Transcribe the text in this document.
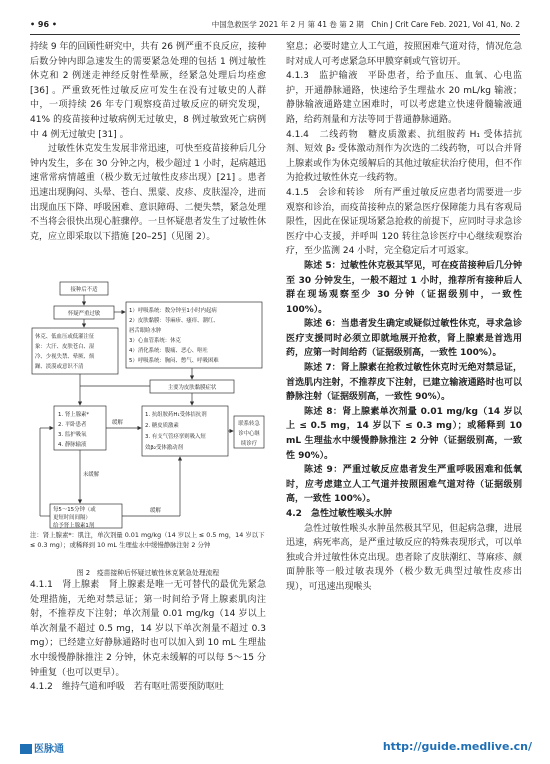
• 96 •	中国急救医学 2021 年 2 月 第 41 卷 第 2 期　Chin J Crit Care Feb. 2021, Vol 41, No. 2

持续 9 年的回顾性研究中，共有 26 例严重不良反应，接种后数分钟内即急速发生的需要紧急处理的包括 1 例过敏性休克和 2 例迷走神经反射性晕厥，经紧急处理后均痊愈 [36] 。严重致死性过敏反应可发生在没有过敏史的人群中，一项持续 26 年专门观察疫苗过敏反应的研究发现，41% 的疫苗接种过敏病例无过敏史，8 例过敏致死亡病例中 4 例无过敏史 [31] 。

过敏性休克发生发展非常迅速，可快至疫苗接种后几分钟内发生，多在 30 分钟之内，极少超过 1 小时，起病越迅速常常病情越重（极少数无过敏性皮疹出现）[21] 。患者迅速出现胸闷、头晕、苍白、黑蒙、皮疹、皮肤湿冷，进而出现血压下降、呼吸困难、意识障碍、二便失禁，紧急处理不当将会很快出现心脏骤停。一旦怀疑患者发生了过敏性休克，应立即采取以下措施 [20–25]（见图 2）。

接种后不适
怀疑严重过敏
休克、低血压或低灌注征
象：大汗、皮肤苍白、湿
冷、少视失禁、晕厥、烦
躁、淡漠或意识不清
1）呼吸系统：数分钟至1小时内起病
2）皮肤黏膜：荨麻疹、瘙痒、潮红、
唇舌眼睑水肿
3）心血管系统：休克
4）消化系统：腹痛、恶心、呕吐
5）呼吸系统：胸闷、憋气、呼吸困难
主要为皮肤黏膜症状
1. 肾上腺素*
2. 平卧患者
3. 监护吸氧
4. 静脉输液
1. 抗组胺药H₁受体拮抗剂
2. 糖皮质激素
3. 有支气管痉挛则吸入短
效β₂受体激动剂
联系转急
诊中心继
续诊疗
缓解
缓解
未缓解
每5～15分钟（或
更短时间间隔）
给予肾上腺素1剂
注：肾上腺素*：肌注，单次剂量 0.01 mg/kg（14 岁以上 ≤ 0.5 mg，14 岁以下 ≤ 0.3 mg）；或稀释到 10 mL 生理盐水中缓慢静脉注射 2 分钟
图 2　疫苗接种后怀疑过敏性休克紧急处理流程

4.1.1　肾上腺素　肾上腺素是唯一无可替代的最优先紧急处理措施，无绝对禁忌证；第一时间给予肾上腺素肌肉注射，不推荐皮下注射；单次剂量 0.01 mg/kg（14 岁以上单次剂量不超过 0.5 mg，14 岁以下单次剂量不超过 0.3 mg）；已经建立好静脉通路时也可以加入到 10 mL 生理盐水中缓慢静脉推注 2 分钟，休克未缓解的可以每 5～15 分钟重复（也可以更早）。

4.1.2　维持气道和呼吸　若有呕吐需要预防呕吐

窒息；必要时建立人工气道，按照困难气道对待，情况危急时对成人可考虑紧急环甲膜穿刺或气管切开。

4.1.3　监护输液　平卧患者，给予血压、血氧、心电监护，开通静脉通路，快速给予生理盐水 20 mL/kg 输液；静脉输液通路建立困难时，可以考虑建立快速骨髓输液通路，给药剂量和方法等同于普通静脉通路。

4.1.4　二线药物　糖皮质激素、抗组胺药 H₁ 受体拮抗剂、短效 β₂ 受体激动剂作为次选的二线药物，可以合并肾上腺素或作为休克缓解后的其他过敏症状治疗使用，但不作为抢救过敏性休克一线药物。

4.1.5　会诊和转诊　所有严重过敏反应患者均需要进一步观察和诊治，而疫苗接种点的紧急医疗保障能力具有客观局限性，因此在保证现场紧急抢救的前提下，应同时寻求急诊医疗中心支援，并呼叫 120 转往急诊医疗中心继续观察治疗，至少监测 24 小时，完全稳定后才可返家。

陈述 5：过敏性休克极其罕见，可在疫苗接种后几分钟至 30 分钟发生，一般不超过 1 小时，推荐所有接种后人群在现场观察至少 30 分钟（证据级别中，一致性 100%）。

陈述 6：当患者发生确定或疑似过敏性休克，寻求急诊医疗支援同时必须立即就地展开抢救，肾上腺素是首选用药，应第一时间给药（证据级别高，一致性 100%）。

陈述 7：肾上腺素在抢救过敏性休克时无绝对禁忌证，首选肌内注射，不推荐皮下注射，已建立输液通路时也可以静脉注射（证据级别高，一致性 90%）。

陈述 8：肾上腺素单次剂量 0.01 mg/kg（14 岁以上 ≤ 0.5 mg，14 岁以下 ≤ 0.3 mg）；或稀释到 10 mL 生理盐水中缓慢静脉推注 2 分钟（证据级别高，一致性 90%）。

陈述 9：严重过敏反应患者发生严重呼吸困难和低氧时，应考虑建立人工气道并按照困难气道对待（证据级别高，一致性 100%）。

4.2　急性过敏性喉头水肿

急性过敏性喉头水肿虽然极其罕见，但起病急骤，进展迅速，病死率高，是严重过敏反应的特殊表现形式，可以单独或合并过敏性休克出现。患者除了皮肤潮红、荨麻疹、颜面肿胀等一般过敏表现外（极少数无典型过敏性皮疹出现），可迅速出现喉头

医脉通	http://guide.medlive.cn/
